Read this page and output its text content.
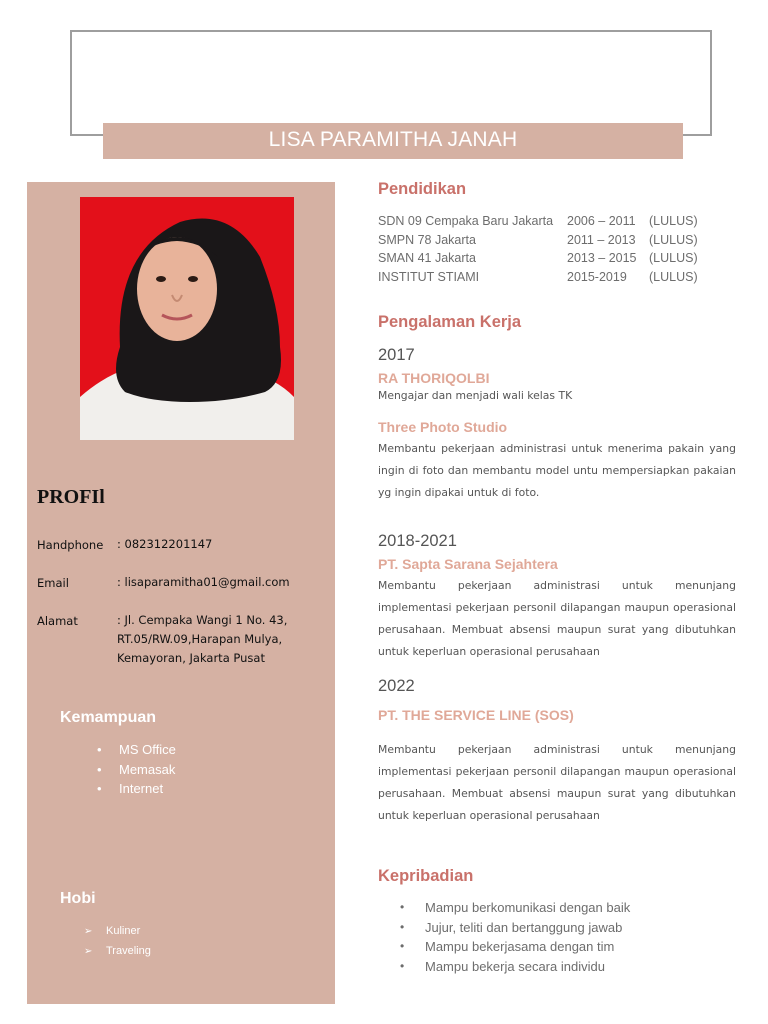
LISA PARAMITHA JANAH
PROFIl
Handphone : 082312201147
Email	: lisaparamitha01@gmail.com
Alamat	: Jl. Cempaka Wangi 1 No. 43, RT.05/RW.09,Harapan Mulya, Kemayoran, Jakarta Pusat
Kemampuan
• MS Office
• Memasak
• Internet
Hobi
➢ Kuliner
➢ Traveling
Pendidikan
SDN 09 Cempaka Baru Jakarta 2006 – 2011 (LULUS)
SMPN 78 Jakarta	2011 – 2013 (LULUS)
SMAN 41 Jakarta	2013 – 2015 (LULUS)
INSTITUT STIAMI	2015-2019 (LULUS)
Pengalaman Kerja
2017
RA THORIQOLBI
Mengajar dan menjadi wali kelas TK
Three Photo Studio
Membantu pekerjaan administrasi untuk menerima pakain yang ingin di foto dan membantu model untu mempersiapkan pakaian yg ingin dipakai untuk di foto.
2018-2021
PT. Sapta Sarana Sejahtera
Membantu pekerjaan administrasi untuk menunjang implementasi pekerjaan personil dilapangan maupun operasional perusahaan. Membuat absensi maupun surat yang dibutuhkan untuk keperluan operasional perusahaan
2022
PT. THE SERVICE LINE (SOS)
Membantu pekerjaan administrasi untuk menunjang implementasi pekerjaan personil dilapangan maupun operasional perusahaan. Membuat absensi maupun surat yang dibutuhkan untuk keperluan operasional perusahaan
Kepribadian
• Mampu berkomunikasi dengan baik
• Jujur, teliti dan bertanggung jawab
• Mampu bekerjasama dengan tim
• Mampu bekerja secara individu
